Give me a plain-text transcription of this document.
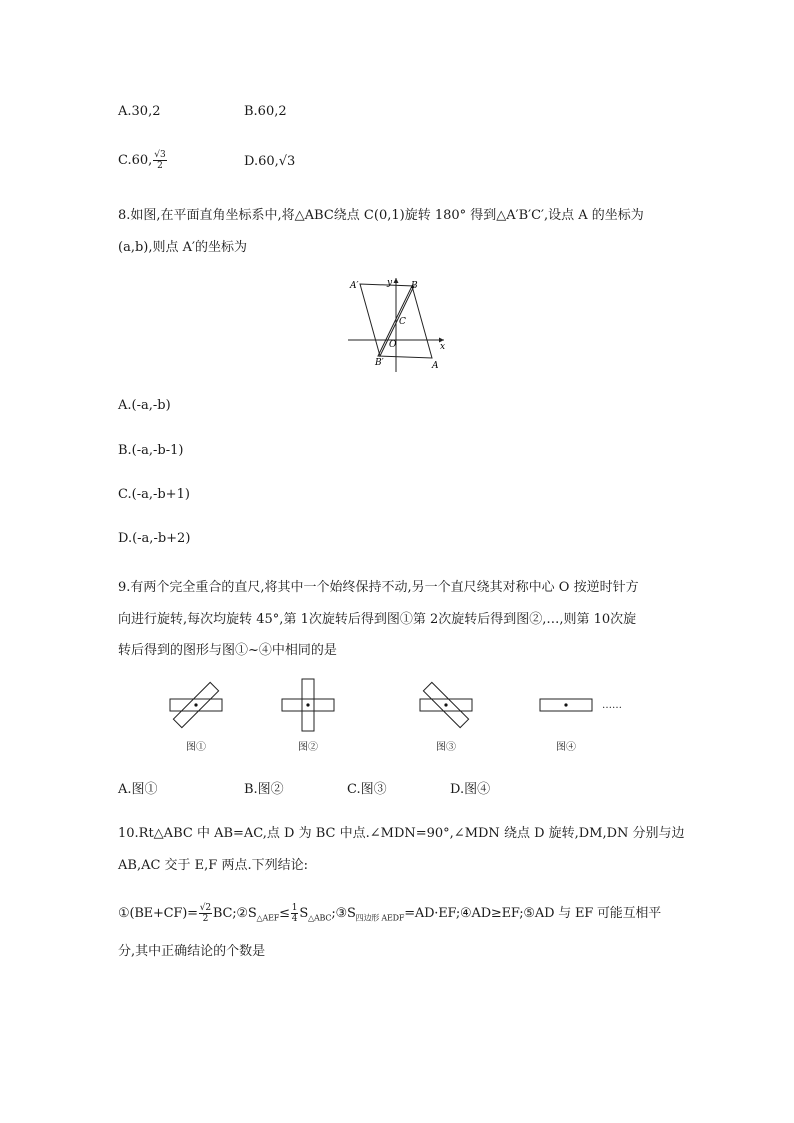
A.30,2	B.60,2
C.60, $\frac{√3}{2}$	D.60,√3
8.如图,在平面直角坐标系中,将△ABC绕点 C(0,1)旋转 180° 得到△A′B′C′,设点 A 的坐标为
(a,b),则点 A′的坐标为
A′	B
y
C
O	x
B′	A
A.(-a,-b)
B.(-a,-b-1)
C.(-a,-b+1)
D.(-a,-b+2)
9.有两个完全重合的直尺,将其中一个始终保持不动,另一个直尺绕其对称中心 O 按逆时针方
向进行旋转,每次均旋转 45°,第 1次旋转后得到图①第 2次旋转后得到图②,…,则第 10次旋
转后得到的图形与图①~④中相同的是
图①	图②	图③	图④
……
A.图①	B.图②	C.图③	D.图④
10.Rt△ABC 中 AB=AC,点 D 为 BC 中点.∠MDN=90°,∠MDN 绕点 D 旋转,DM,DN 分别与边
AB,AC 交于 E,F 两点.下列结论:
①(BE+CF)= $\frac{√2}{2}$ $BC;②S_{\triangle AEF}\le \frac{1}{4}$ $S_{\triangle ABC};③S_{四边形 AEDF}=AD\cdot EF;④AD\ge EF;⑤AD$ 与 EF 可能互相平
分,其中正确结论的个数是
